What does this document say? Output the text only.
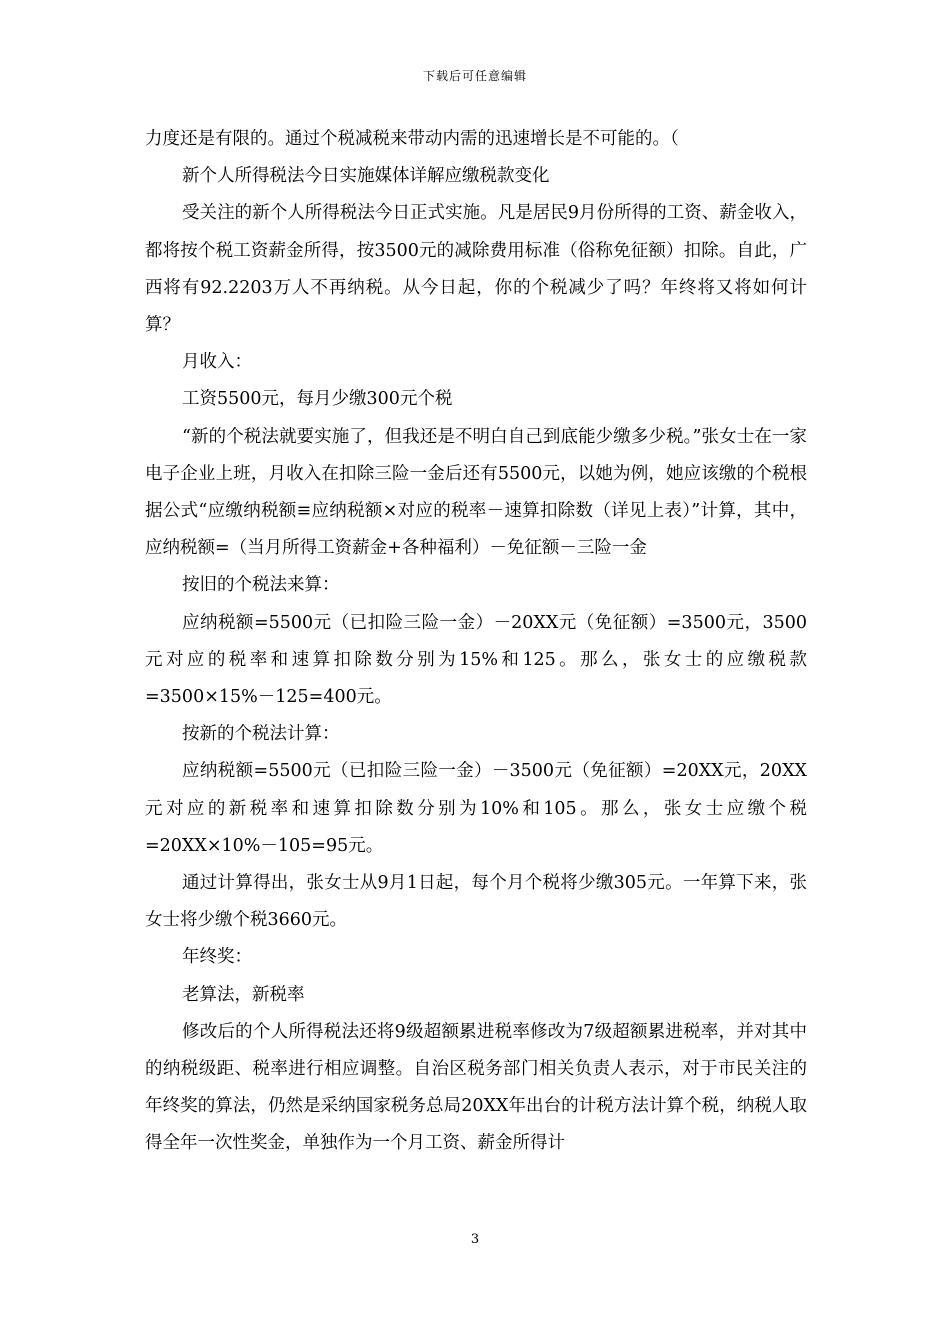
下载后可任意编辑

力度还是有限的。通过个税减税来带动内需的迅速增长是不可能的。（

新个人所得税法今日实施媒体详解应缴税款变化

受关注的新个人所得税法今日正式实施。凡是居民9月份所得的工资、薪金收入，都将按个税工资薪金所得，按3500元的减除费用标准（俗称免征额）扣除。自此，广西将有92.2203万人不再纳税。从今日起，你的个税减少了吗？年终将又将如何计算？

月收入：

工资5500元，每月少缴300元个税

“新的个税法就要实施了，但我还是不明白自己到底能少缴多少税。”张女士在一家电子企业上班，月收入在扣除三险一金后还有5500元，以她为例，她应该缴的个税根据公式“应缴纳税额≡应纳税额×对应的税率－速算扣除数（详见上表）”计算，其中，应纳税额=（当月所得工资薪金+各种福利）－免征额－三险一金

按旧的个税法来算：

应纳税额=5500元（已扣险三险一金）－20XX元（免征额）=3500元，3500元对应的税率和速算扣除数分别为15%和125。那么，张女士的应缴税款=3500×15%－125=400元。

按新的个税法计算：

应纳税额=5500元（已扣险三险一金）－3500元（免征额）=20XX元，20XX元对应的新税率和速算扣除数分别为10%和105。那么，张女士应缴个税=20XX×10%－105=95元。

通过计算得出，张女士从9月1日起，每个月个税将少缴305元。一年算下来，张女士将少缴个税3660元。

年终奖：

老算法，新税率

修改后的个人所得税法还将9级超额累进税率修改为7级超额累进税率，并对其中的纳税级距、税率进行相应调整。自治区税务部门相关负责人表示，对于市民关注的年终奖的算法，仍然是采纳国家税务总局20XX年出台的计税方法计算个税，纳税人取得全年一次性奖金，单独作为一个月工资、薪金所得计

3
